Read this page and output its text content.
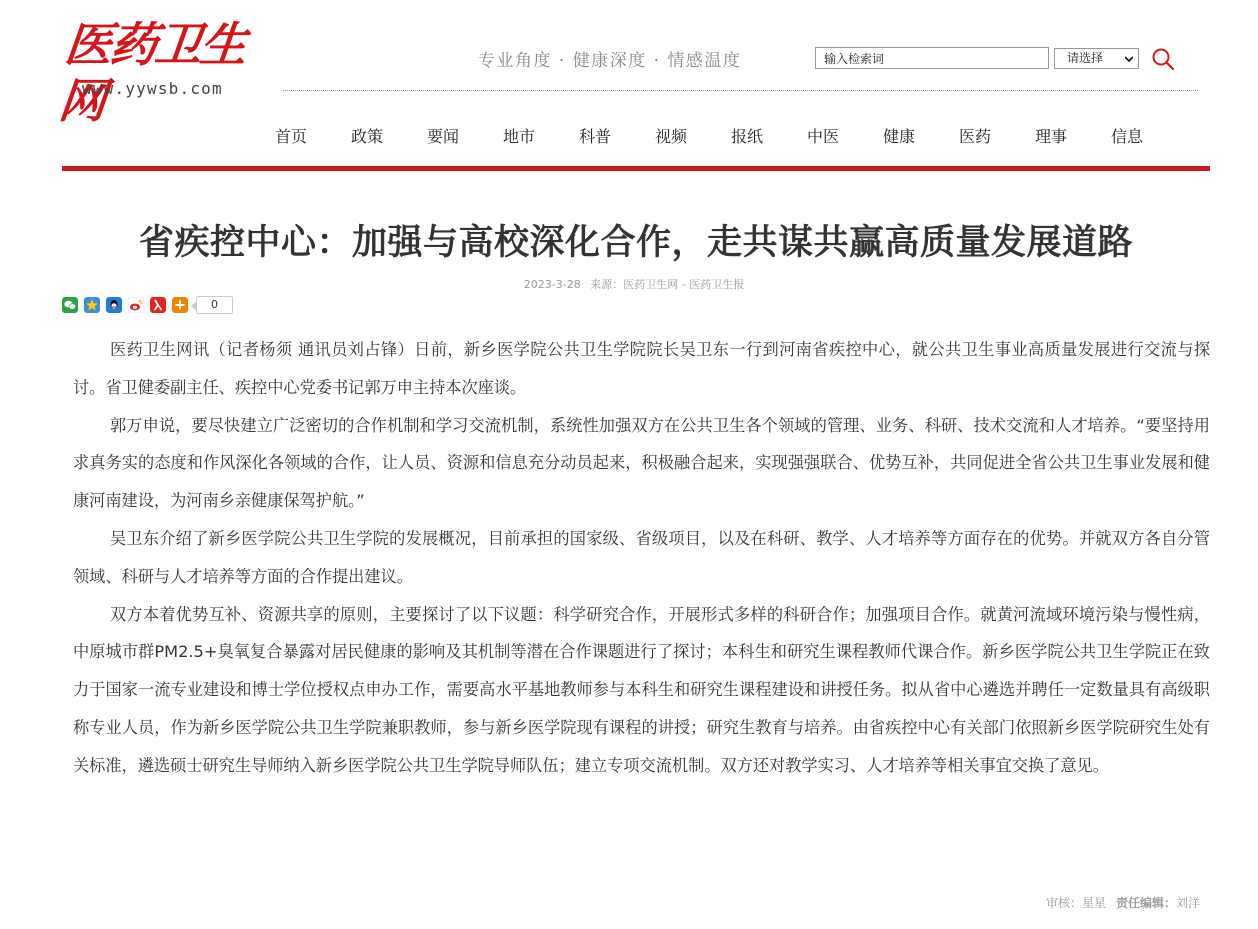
医药卫生网
www.yywsb.com
专业角度 · 健康深度 · 情感温度
输入检索词	请选择
首页	政策	要闻	地市	科普	视频	报纸	中医	健康	医药	理事	信息
省疾控中心：加强与高校深化合作，走共谋共赢高质量发展道路
2023-3-28 来源：医药卫生网 - 医药卫生报
0

医药卫生网讯（记者杨须 通讯员刘占锋）日前，新乡医学院公共卫生学院院长吴卫东一行到河南省疾控中心，就公共卫生事业高质量发展进行交流与探讨。省卫健委副主任、疾控中心党委书记郭万申主持本次座谈。

郭万申说，要尽快建立广泛密切的合作机制和学习交流机制，系统性加强双方在公共卫生各个领域的管理、业务、科研、技术交流和人才培养。“要坚持用求真务实的态度和作风深化各领域的合作，让人员、资源和信息充分动员起来，积极融合起来，实现强强联合、优势互补，共同促进全省公共卫生事业发展和健康河南建设，为河南乡亲健康保驾护航。”

吴卫东介绍了新乡医学院公共卫生学院的发展概况，目前承担的国家级、省级项目，以及在科研、教学、人才培养等方面存在的优势。并就双方各自分管领域、科研与人才培养等方面的合作提出建议。

双方本着优势互补、资源共享的原则，主要探讨了以下议题：科学研究合作，开展形式多样的科研合作；加强项目合作。就黄河流域环境污染与慢性病，中原城市群PM2.5+臭氧复合暴露对居民健康的影响及其机制等潜在合作课题进行了探讨；本科生和研究生课程教师代课合作。新乡医学院公共卫生学院正在致力于国家一流专业建设和博士学位授权点申办工作，需要高水平基地教师参与本科生和研究生课程建设和讲授任务。拟从省中心遴选并聘任一定数量具有高级职称专业人员，作为新乡医学院公共卫生学院兼职教师，参与新乡医学院现有课程的讲授；研究生教育与培养。由省疾控中心有关部门依照新乡医学院研究生处有关标准，遴选硕士研究生导师纳入新乡医学院公共卫生学院导师队伍；建立专项交流机制。双方还对教学实习、人才培养等相关事宜交换了意见。

审核：星星 责任编辑：刘洋
